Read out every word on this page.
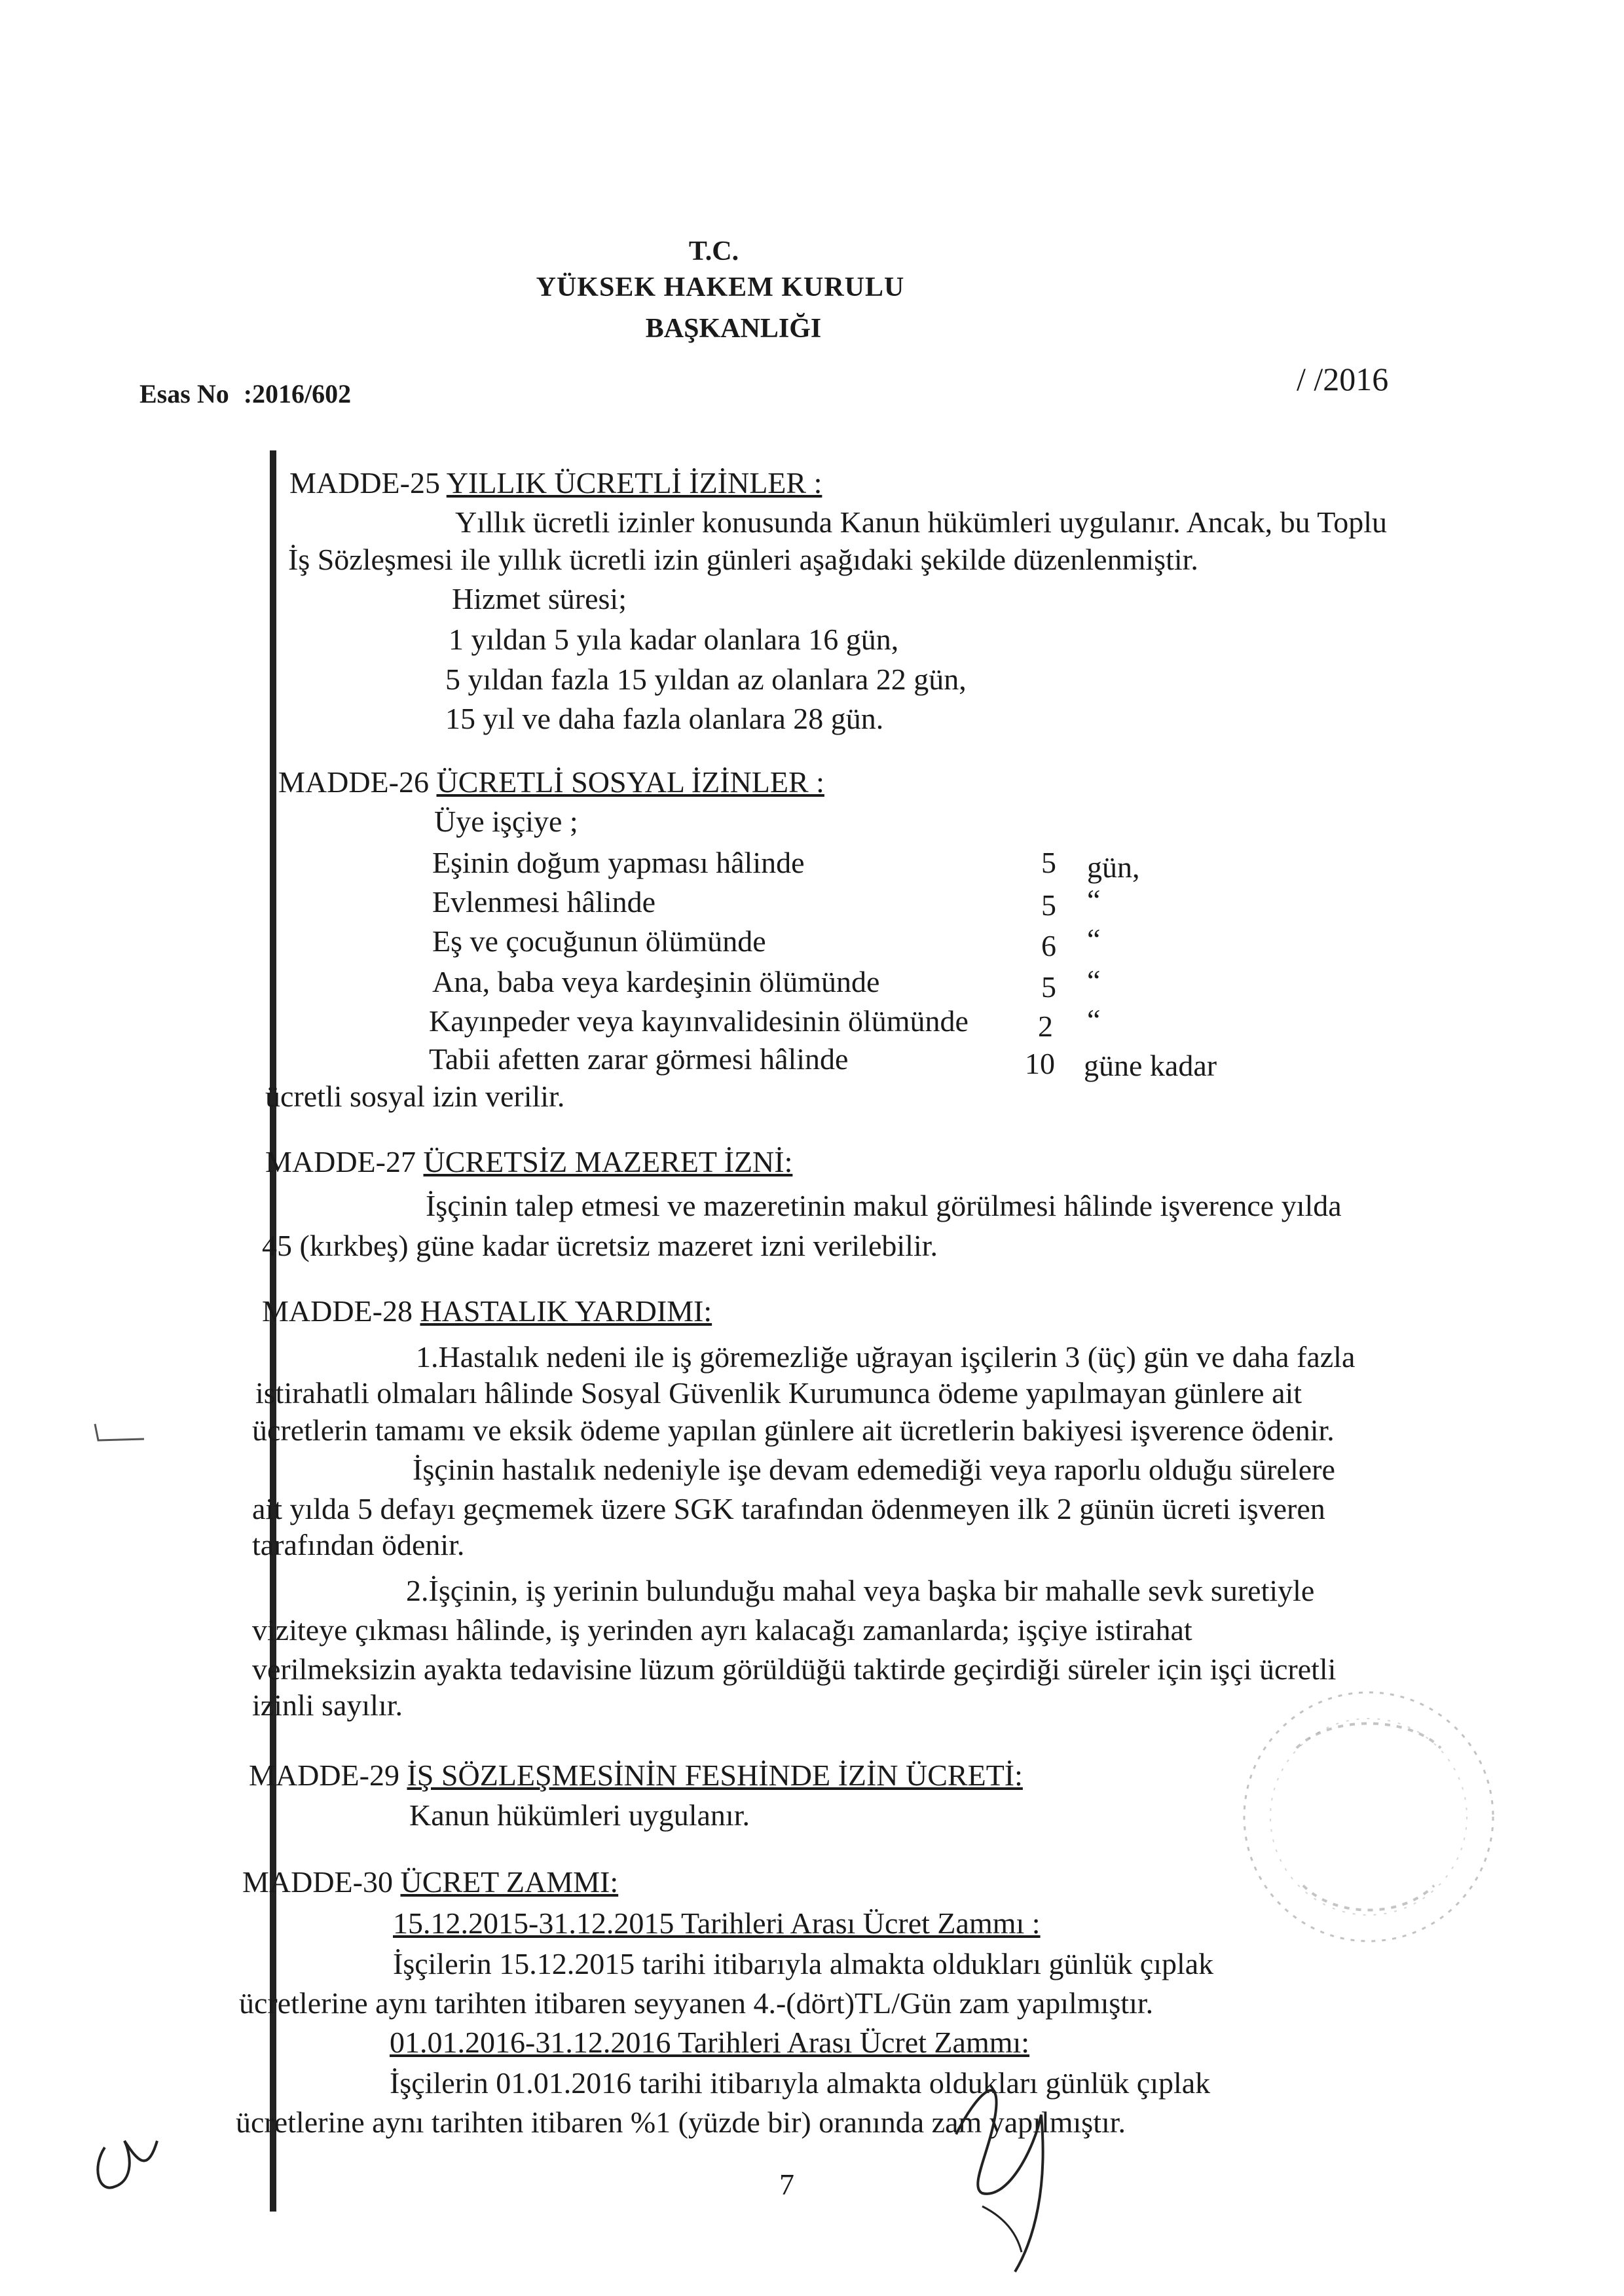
T.C.
YÜKSEK HAKEM KURULU
BAŞKANLIĞI
Esas No :2016/602	/ /2016
MADDE-25 YILLIK ÜCRETLİ İZİNLER :
Yıllık ücretli izinler konusunda Kanun hükümleri uygulanır. Ancak, bu Toplu
İş Sözleşmesi ile yıllık ücretli izin günleri aşağıdaki şekilde düzenlenmiştir.
Hizmet süresi;
1 yıldan 5 yıla kadar olanlara 16 gün,
5 yıldan fazla 15 yıldan az olanlara 22 gün,
15 yıl ve daha fazla olanlara 28 gün.
MADDE-26 ÜCRETLİ SOSYAL İZİNLER :
Üye işçiye ;
Eşinin doğum yapması hâlinde	5 gün,
Evlenmesi hâlinde	5 “
Eş ve çocuğunun ölümünde	6 “
Ana, baba veya kardeşinin ölümünde	5 “
Kayınpeder veya kayınvalidesinin ölümünde 2 “
Tabii afetten zarar görmesi hâlinde	10 güne kadar
ücretli sosyal izin verilir.
MADDE-27 ÜCRETSİZ MAZERET İZNİ:
İşçinin talep etmesi ve mazeretinin makul görülmesi hâlinde işverence yılda
45 (kırkbeş) güne kadar ücretsiz mazeret izni verilebilir.
MADDE-28 HASTALIK YARDIMI:
1.Hastalık nedeni ile iş göremezliğe uğrayan işçilerin 3 (üç) gün ve daha fazla
istirahatli olmaları hâlinde Sosyal Güvenlik Kurumunca ödeme yapılmayan günlere ait
ücretlerin tamamı ve eksik ödeme yapılan günlere ait ücretlerin bakiyesi işverence ödenir.
İşçinin hastalık nedeniyle işe devam edemediği veya raporlu olduğu sürelere
ait yılda 5 defayı geçmemek üzere SGK tarafından ödenmeyen ilk 2 günün ücreti işveren
tarafından ödenir.
2.İşçinin, iş yerinin bulunduğu mahal veya başka bir mahalle sevk suretiyle
viziteye çıkması hâlinde, iş yerinden ayrı kalacağı zamanlarda; işçiye istirahat
verilmeksizin ayakta tedavisine lüzum görüldüğü taktirde geçirdiği süreler için işçi ücretli
izinli sayılır.
MADDE-29 İŞ SÖZLEŞMESİNİN FESHİNDE İZİN ÜCRETİ:
Kanun hükümleri uygulanır.
MADDE-30 ÜCRET ZAMMI:
15.12.2015-31.12.2015 Tarihleri Arası Ücret Zammı :
İşçilerin 15.12.2015 tarihi itibarıyla almakta oldukları günlük çıplak
ücretlerine aynı tarihten itibaren seyyanen 4.-(dört)TL/Gün zam yapılmıştır.
01.01.2016-31.12.2016 Tarihleri Arası Ücret Zammı:
İşçilerin 01.01.2016 tarihi itibarıyla almakta oldukları günlük çıplak
ücretlerine aynı tarihten itibaren %1 (yüzde bir) oranında zam yapılmıştır.
7
